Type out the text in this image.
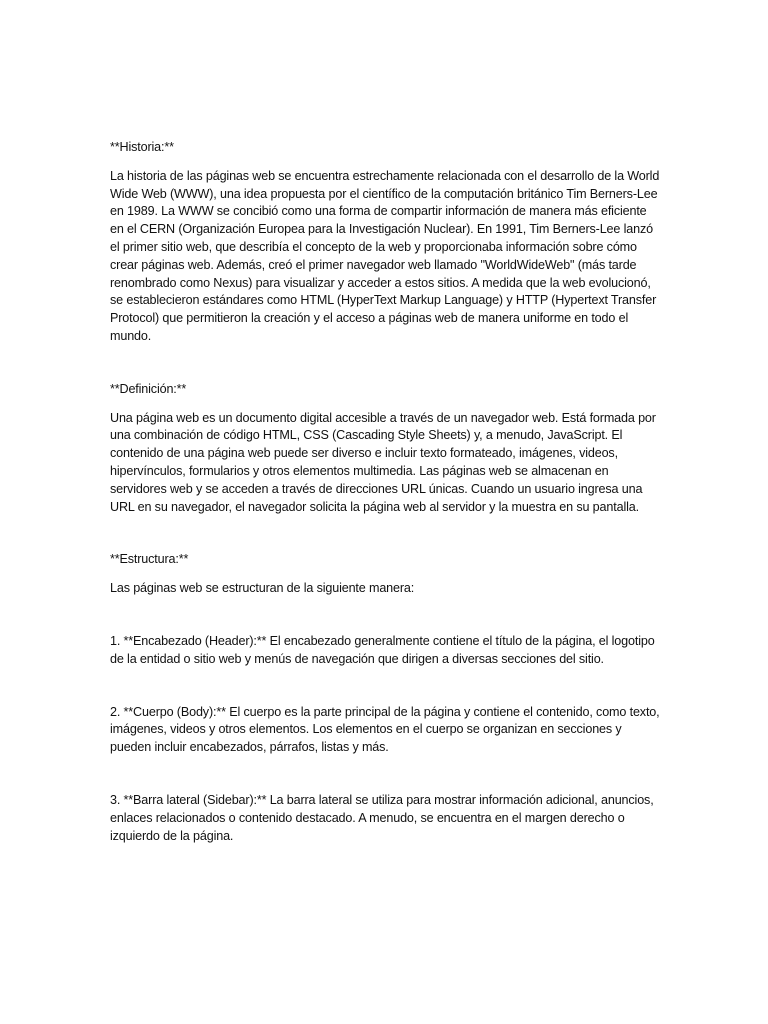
**Historia:**

La historia de las páginas web se encuentra estrechamente relacionada con el desarrollo de la World Wide Web (WWW), una idea propuesta por el científico de la computación británico Tim Berners-Lee en 1989. La WWW se concibió como una forma de compartir información de manera más eficiente en el CERN (Organización Europea para la Investigación Nuclear). En 1991, Tim Berners-Lee lanzó el primer sitio web, que describía el concepto de la web y proporcionaba información sobre cómo crear páginas web. Además, creó el primer navegador web llamado "WorldWideWeb" (más tarde renombrado como Nexus) para visualizar y acceder a estos sitios. A medida que la web evolucionó, se establecieron estándares como HTML (HyperText Markup Language) y HTTP (Hypertext Transfer Protocol) que permitieron la creación y el acceso a páginas web de manera uniforme en todo el mundo.

**Definición:**

Una página web es un documento digital accesible a través de un navegador web. Está formada por una combinación de código HTML, CSS (Cascading Style Sheets) y, a menudo, JavaScript. El contenido de una página web puede ser diverso e incluir texto formateado, imágenes, videos, hipervínculos, formularios y otros elementos multimedia. Las páginas web se almacenan en servidores web y se acceden a través de direcciones URL únicas. Cuando un usuario ingresa una URL en su navegador, el navegador solicita la página web al servidor y la muestra en su pantalla.

**Estructura:**

Las páginas web se estructuran de la siguiente manera:

1. **Encabezado (Header):** El encabezado generalmente contiene el título de la página, el logotipo de la entidad o sitio web y menús de navegación que dirigen a diversas secciones del sitio.

2. **Cuerpo (Body):** El cuerpo es la parte principal de la página y contiene el contenido, como texto, imágenes, videos y otros elementos. Los elementos en el cuerpo se organizan en secciones y pueden incluir encabezados, párrafos, listas y más.

3. **Barra lateral (Sidebar):** La barra lateral se utiliza para mostrar información adicional, anuncios, enlaces relacionados o contenido destacado. A menudo, se encuentra en el margen derecho o izquierdo de la página.
